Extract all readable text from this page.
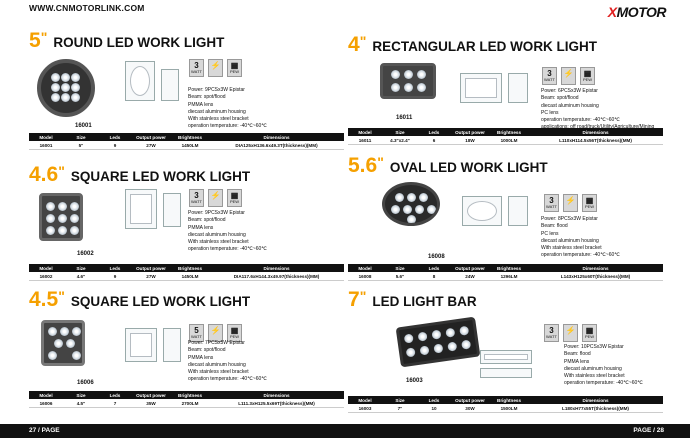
WWW.CNMOTORLINK.COM	XMOTOR
5" ROUND LED WORK LIGHT
16001
3
WATT
⚡	▦
PEW
Power: 9PCSx3W Epistar
Beam: spot/flood
PMMA lens
diecast aluminum housing
With stainless steel bracket
operation temperature: -40℃~60℃
Model	Size	Leds	Output power	Brightness	Dimensions
16001	5"	9	27W	1450LM	DIA125xH136.6x49.3T(thickness)(MM)
4.6" SQUARE LED WORK LIGHT
16002
3
WATT
⚡	▦
PEW
Power: 9PCSx3W Epistar
Beam: spot/flood
PMMA lens
diecast aluminum housing
With stainless steel bracket
operation temperature: -40℃~60℃
Model	Size	Leds	Output power	Brightness	Dimensions
16002	4.6"	9	27W	1450LM	DIA117.6xH144.3x49.97(thickness)(MM)
4.5" SQUARE LED WORK LIGHT
16006
5
WATT
⚡	▦
PEW
Power: 7PCSx5W Epistar
Beam: spot/flood
PMMA lens
diecast aluminum housing
With stainless steel bracket
operation temperature: -40℃~60℃
Model	Size	Leds	Output power	Brightness	Dimensions
16006	4.5"	7	35W	2700LM	L111.3xH125.5x69T(thickness)(MM)
4" RECTANGULAR LED WORK LIGHT
16011
3
WATT
⚡	▦
PEW
Power: 6PCSx3W Epistar
Beam: spot/flood
diecast aluminum housing
PC lens
operation temperature: -40℃~60℃
Model	Size	Leds	Output power	Brightness	Dimensions
16011	4.3"x2.4"	6	18W	1000LM	L110xH114.5x56T(thickness)(MM)
5.6" OVAL LED WORK LIGHT
16008
3
WATT
⚡	▦
PEW
Power: 8PCSx3W Epistar
Beam: flood
PC lens
diecast aluminum housing
With stainless steel bracket
operation temperature: -40℃~60℃
Model	Size	Leds	Output power	Brightness	Dimensions
16008	5.6"	8	24W	1296LM	L143xH125x60T(thickness)(MM)
7" LED LIGHT BAR
16003
3
WATT
⚡	▦
PEW
Power: 10PCSx3W Epistar
Beam: flood
PMMA lens
diecast aluminum housing
With stainless steel bracket
operation temperature: -40℃~60℃
Model	Size	Leds	Output power	Brightness	Dimensions
16003	7"	10	30W	1500LM	L180xH77x55T(thickness)(MM)
27 / PAGE	PAGE / 28
